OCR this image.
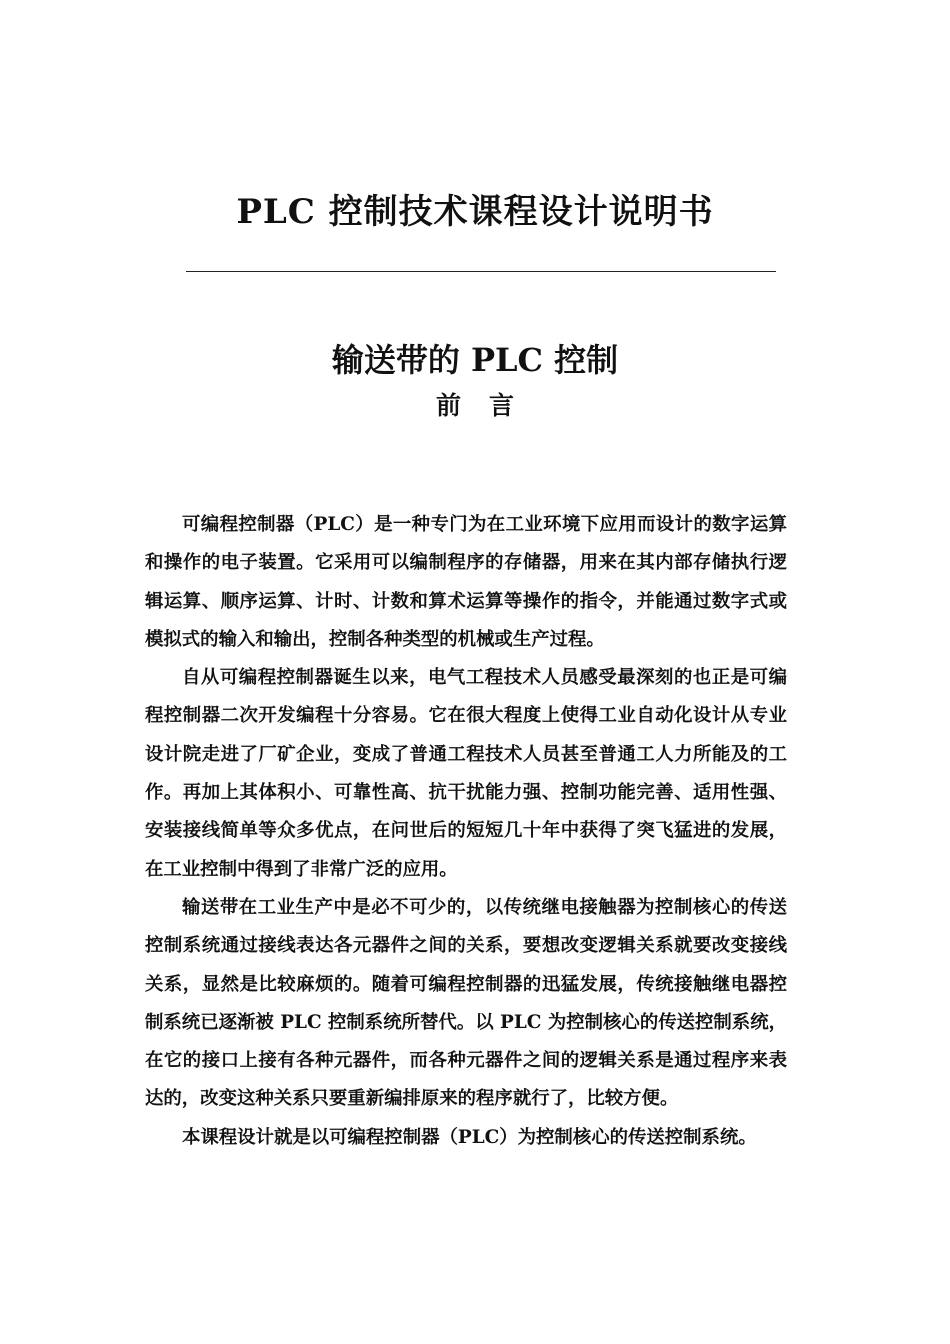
PLC 控制技术课程设计说明书
输送带的 PLC 控制
前言

可编程控制器（PLC）是一种专门为在工业环境下应用而设计的数字运算和操作的电子装置。它采用可以编制程序的存储器，用来在其内部存储执行逻辑运算、顺序运算、计时、计数和算术运算等操作的指令，并能通过数字式或模拟式的输入和输出，控制各种类型的机械或生产过程。

自从可编程控制器诞生以来，电气工程技术人员感受最深刻的也正是可编程控制器二次开发编程十分容易。它在很大程度上使得工业自动化设计从专业设计院走进了厂矿企业，变成了普通工程技术人员甚至普通工人力所能及的工作。再加上其体积小、可靠性高、抗干扰能力强、控制功能完善、适用性强、安装接线简单等众多优点，在问世后的短短几十年中获得了突飞猛进的发展，在工业控制中得到了非常广泛的应用。

输送带在工业生产中是必不可少的，以传统继电接触器为控制核心的传送控制系统通过接线表达各元器件之间的关系，要想改变逻辑关系就要改变接线关系，显然是比较麻烦的。随着可编程控制器的迅猛发展，传统接触继电器控制系统已逐渐被 PLC 控制系统所替代。以 PLC 为控制核心的传送控制系统，在它的接口上接有各种元器件，而各种元器件之间的逻辑关系是通过程序来表达的，改变这种关系只要重新编排原来的程序就行了，比较方便。

本课程设计就是以可编程控制器（PLC）为控制核心的传送控制系统。
